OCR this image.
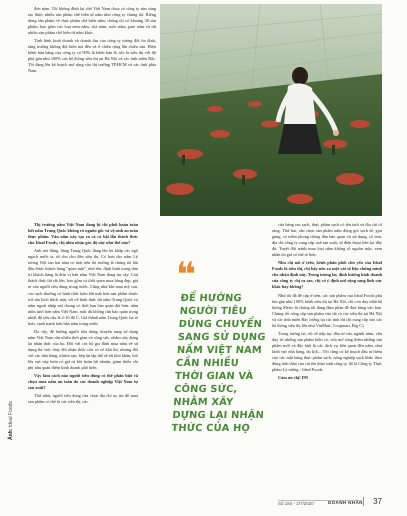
đơn năm. Tôi không đình lại chờ Việt Nam chua có công ty nào sáng tạo được nhiều sản phẩm chế biến từ nấm như công ty chúng tôi. Riêng dòng sản phẩm về thực phẩm chế biến nấm, chúng tôi có khoảng 30 sản phẩm, bao gồm các loại nem nấm, chả nấm, ruốc nấm, pate nấm và rất nhiều sản phẩm chế biến từ nấm khác.

Tình hình kinh doanh và doanh thu của công ty tương đối ổn định, tăng trưởng không đột biến mà đều và ở chiều rộng lẫn chiều sâu. Hiện kênh bán hàng của công ty có 90% là kênh bán lẻ, tức là siêu thị với độ phủ gần như 100% các hệ thống siêu thị tại Hà Nội và các tỉnh miền Bắc. Tôi đang lên kế hoạch mở rộng vào thị trường TP.HCM và các tỉnh phía Nam.

Thị trường nấm Việt Nam đang bị chi phối hoàn toàn bởi nấm Trung Quốc không rõ nguồn gốc và vệ sinh an toàn thực phẩm. Vân nấm này tạo ra cả cơ hội lẫn thách thức cho Ideal Foods, chị nhìn nhận góc độ này như thế nào?

Anh nói đúng, hàng Trung Quốc đang lên lỏi khắp các ngõ ngách nước ta, từ cho cho đến siêu thị. Có hơn cho nấm Lý tương Việt sao hai năm có mặt trên thị trường là chúng tôi bắt đầu được khách hàng "quen mặt", nhờ tên, định hình trong tâm trí khách hàng là đơn vị bán nấm Việt Nam đang tin cậy. Còn thách thức thì rất lớn, bao gồm cả thời quen mua hàng đẹp, giá rẻ của người tiêu dùng trong nước. Cũng như khi mua mỹ cau, các sạch thường có hình thức kém bắt mắt hơn sản phẩm thuốc trừ sâu kích thích mật, sét về hình thức thì nấm Trung Quốc và nấm ngoài nhập nói chung có thời hạn bảo quản dài hơn, nấm nhìn tươi hơn nấm Việt Nam, mặc dù không cần bảo quản trong nhiệt độ yêu cầu là 2-10 độ C. Giá thành nấm Trung Quốc lại rẻ hơn, cạnh tranh hơn hẳn nấm trong nước.

Do vậy, để hướng người tiêu dùng chuyển sang sử dụng nấm Việt Nam cần nhiều thời gian và công sức, nhằm xây dựng lại nhận thức của họ. Đối với các hộ gia đình mua nấm về sử dụng thì việc thay đổi nhận thức còn có vẻ khả thi, nhưng đối với các nhà hàng, khách sạn, bếp ăn tập thể sẽ rất khó khăn, bởi lẽu vực này luôn có giá trị bồi hoàn lợi nhuận, giảm thiểu chi phí nhu quán điểm kinh doanh phổ biến.

Vậy làm cách nào người tiêu dùng có thể phân biệt và chọn mua nấm an toàn do các doanh nghiệp Việt Nam tự sản xuất?

Thứ nhất, người tiêu dùng cần chọn địa chỉ uy tín để mua sản phẩm có thể là các siêu thị, các

❝
ĐỂ HƯỚNG NGƯỜI TIÊU DÙNG CHUYỂN SANG SỬ DỤNG NẤM VIỆT NAM CẦN NHIỀU THỜI GIAN VÀ CÔNG SỨC, NHẰM XÂY DỰNG LẠI NHẬN THỨC CỦA HỌ

cửa hàng rau sạch, thực phẩm sạch có tên tuổi và địa chỉ rõ ràng. Thứ hai, cần chọn sản phẩm nấm đóng gói sạch sẽ, gọn gàng, có niêm phong thông đàn bảo quan và xử dụng, có tem, địa chỉ công ty cung cấp, mã sản xuất, số điện thoại liên lạc đây đủ. Tuyệt đối tránh mua loại nấm không rõ nguồn mặc, xem nhãn do giá có thể rẻ hơn.

Nhu chị nói ở trên, kênh phân phối chủ yếu của Ideal Foods là siêu thị, chị hãy nêu ra một vài số liệu chứng minh cho nhận định này. Trong tương lai, định hướng kinh doanh của công ty chị ra sao, chị có ý định mở rộng sang lĩnh vực khác hay không?

Như tôi đã đề cập ở trên, các sản phẩm của Ideal Foods phủ kín gần như 100% kênh siêu thị tại Hà Nội, chỉ còn duy nhất hệ thống Metro là chúng tôi đang đàm phán để đưa hàng vào bán. Chúng tôi cũng cấp sản phẩm vào tất cả các siêu thị tại Hà Nội và các tỉnh miền Bắc (riêng tại các tỉnh thì chỉ cung cấp vào các hệ thống siêu thị lớn như VinMart, Coopmart, Big C).

Trong tương lai, tôi sẽ tiếp tục đầu tư vào ngành nấm, vừa duy trì những sản phẩm hiện có, vừa mở rộng thêm những sản phẩm mới và đặc biệt là các dịch vụ liên quan đến nấm, như kinh vực nhà hàng, du lịch... Tôi cũng có kế hoạch đầu tư thêm vào các mặt hàng thực phẩm sạch, nông nghiệp sạch khác theo đúng tinh thần của cái tên khai sinh công ty, đó là Công ty Thực phẩm Lý tưởng - Ideal Foods.

Cảm ơn chị! DN

Ảnh: Ideal Foods
Số 184 - 2/7/2020	DOANH NHÂN 37
